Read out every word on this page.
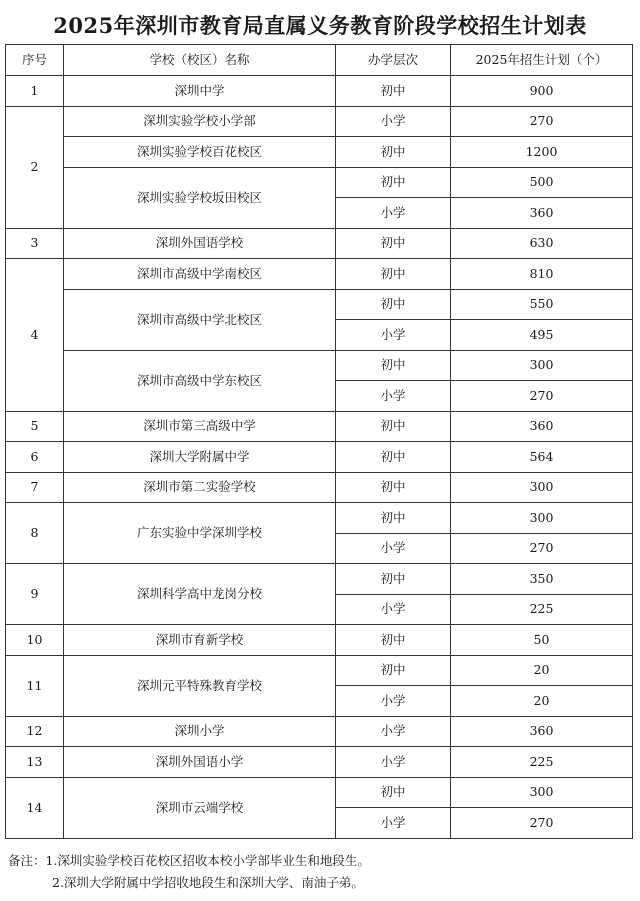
2025年深圳市教育局直属义务教育阶段学校招生计划表
序号	学校（校区）名称	办学层次	2025年招生计划（个）
1	深圳中学	初中	900
2	深圳实验学校小学部	小学	270
	深圳实验学校百花校区	初中	1200
	深圳实验学校坂田校区	初中	500
		小学	360
3	深圳外国语学校	初中	630
4	深圳市高级中学南校区	初中	810
	深圳市高级中学北校区	初中	550
		小学	495
	深圳市高级中学东校区	初中	300
		小学	270
5	深圳市第三高级中学	初中	360
6	深圳大学附属中学	初中	564
7	深圳市第二实验学校	初中	300
8	广东实验中学深圳学校	初中	300
		小学	270
9	深圳科学高中龙岗分校	初中	350
		小学	225
10	深圳市育新学校	初中	50
11	深圳元平特殊教育学校	初中	20
		小学	20
12	深圳小学	小学	360
13	深圳外国语小学	小学	225
14	深圳市云端学校	初中	300
		小学	270
备注：1.深圳实验学校百花校区招收本校小学部毕业生和地段生。
2.深圳大学附属中学招收地段生和深圳大学、南油子弟。
